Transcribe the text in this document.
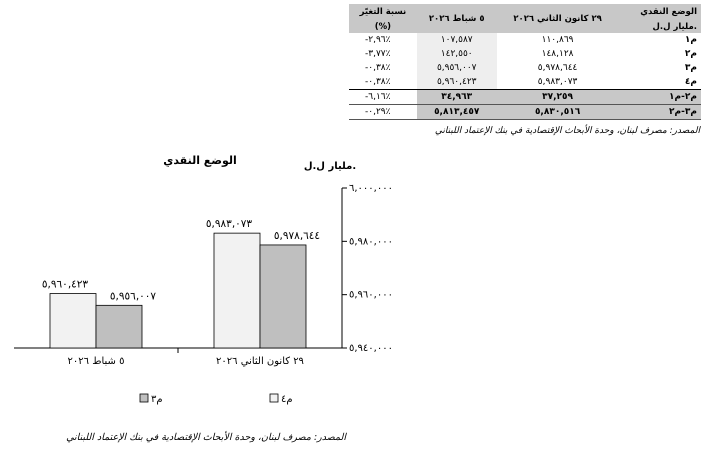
نسبة التغيّر	٥ شباط ٢٠٢٦	٢٩ كانون الثاني ٢٠٢٦	الوضع النقدي
(%)			مليار ل.ل.
-٢,٩٦٪	١٠٧,٥٨٧	١١٠,٨٦٩	م١
-٣,٧٧٪	١٤٢,٥٥٠	١٤٨,١٢٨	م٢
-٠,٣٨٪	٥,٩٥٦,٠٠٧	٥,٩٧٨,٦٤٤	م٣
-٠,٣٨٪	٥,٩٦٠,٤٢٣	٥,٩٨٣,٠٧٣	م٤
-٦,١٦٪	٣٤,٩٦٣	٣٧,٢٥٩	م٢-م١
-٠,٢٩٪	٥,٨١٣,٤٥٧	٥,٨٣٠,٥١٦	م٣-م٢
المصدر: مصرف لبنان، وحدة الأبحاث الإقتصادية في بنك الإعتماد اللبناني
الوضع النقدي	مليار ل.ل.
٥,٩٤٠,٠٠٠
٥,٩٦٠,٠٠٠
٥,٩٨٠,٠٠٠
٦,٠٠٠,٠٠٠
٥ شباط ٢٠٢٦	٢٩ كانون الثاني ٢٠٢٦
٥,٩٦٠,٤٢٣
٥,٩٥٦,٠٠٧
٥,٩٨٣,٠٧٣
٥,٩٧٨,٦٤٤
م٤
م٣
المصدر: مصرف لبنان، وحدة الأبحاث الإقتصادية في بنك الإعتماد اللبناني
